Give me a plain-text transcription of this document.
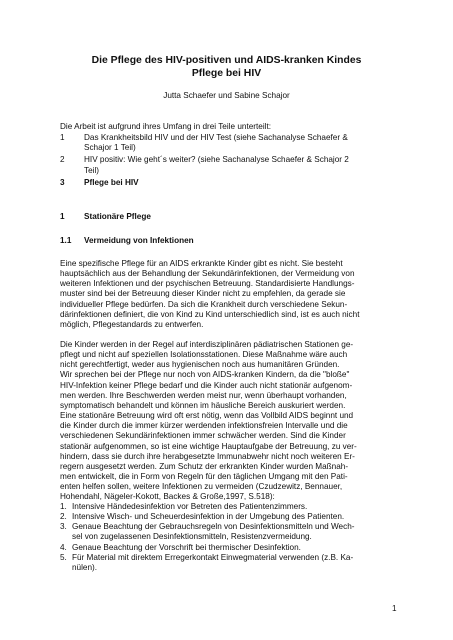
Die Pflege des HIV-positiven und AIDS-kranken Kindes
Pflege bei HIV
Jutta Schaefer und Sabine Schajor
Die Arbeit ist aufgrund ihres Umfang in drei Teile unterteilt:
1	Das Krankheitsbild HIV und der HIV Test (siehe Sachanalyse Schaefer &
Schajor 1 Teil)
2	HIV positiv: Wie geht´s weiter? (siehe Sachanalyse Schaefer & Schajor 2
Teil)
3	Pflege bei HIV
1	Stationäre Pflege
1.1	Vermeidung von Infektionen
Eine spezifische Pflege für an AIDS erkrankte Kinder gibt es nicht. Sie besteht
hauptsächlich aus der Behandlung der Sekundärinfektionen, der Vermeidung von
weiteren Infektionen und der psychischen Betreuung. Standardisierte Handlungs-
muster sind bei der Betreuung dieser Kinder nicht zu empfehlen, da gerade sie
individueller Pflege bedürfen. Da sich die Krankheit durch verschiedene Sekun-
därinfektionen definiert, die von Kind zu Kind unterschiedlich sind, ist es auch nicht
möglich, Pflegestandards zu entwerfen.
Die Kinder werden in der Regel auf interdisziplinären pädiatrischen Stationen ge-
pflegt und nicht auf speziellen Isolationsstationen. Diese Maßnahme wäre auch
nicht gerechtfertigt, weder aus hygienischen noch aus humanitären Gründen.
Wir sprechen bei der Pflege nur noch von AIDS-kranken Kindern, da die "bloße"
HIV-Infektion keiner Pflege bedarf und die Kinder auch nicht stationär aufgenom-
men werden. Ihre Beschwerden werden meist nur, wenn überhaupt vorhanden,
symptomatisch behandelt und können im häusliche Bereich auskuriert werden.
Eine stationäre Betreuung wird oft erst nötig, wenn das Vollbild AIDS beginnt und
die Kinder durch die immer kürzer werdenden infektionsfreien Intervalle und die
verschiedenen Sekundärinfektionen immer schwächer werden. Sind die Kinder
stationär aufgenommen, so ist eine wichtige Hauptaufgabe der Betreuung, zu ver-
hindern, dass sie durch ihre herabgesetzte Immunabwehr nicht noch weiteren Er-
regern ausgesetzt werden. Zum Schutz der erkrankten Kinder wurden Maßnah-
men entwickelt, die in Form von Regeln für den täglichen Umgang mit den Pati-
enten helfen sollen, weitere Infektionen zu vermeiden (Czudzewitz, Bennauer,
Hohendahl, Nägeler-Kokott, Backes & Große,1997, S.518):
1. Intensive Händedesinfektion vor Betreten des Patientenzimmers.
2. Intensive Wisch- und Scheuerdesinfektion in der Umgebung des Patienten.
3. Genaue Beachtung der Gebrauchsregeln von Desinfektionsmitteln und Wech-
sel von zugelassenen Desinfektionsmitteln, Resistenzvermeidung.
4. Genaue Beachtung der Vorschrift bei thermischer Desinfektion.
5. Für Material mit direktem Erregerkontakt Einwegmaterial verwenden (z.B. Ka-
nülen).
1
